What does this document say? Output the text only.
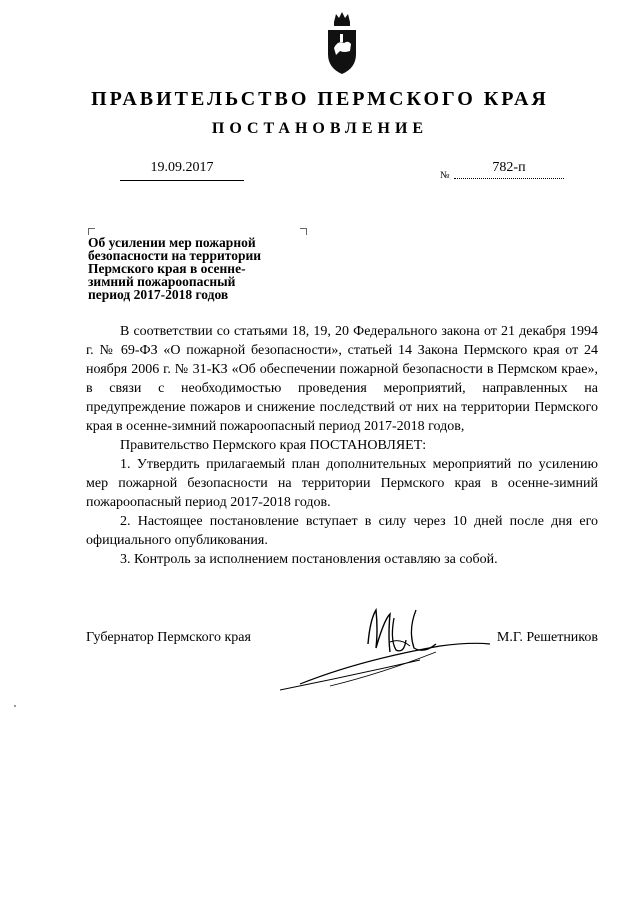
ПРАВИТЕЛЬСТВО ПЕРМСКОГО КРАЯ
ПОСТАНОВЛЕНИЕ
19.09.2017
№
782-п
Об усилении мер пожарной
безопасности на территории
Пермского края в осенне-
зимний пожароопасный
период 2017-2018 годов

В соответствии со статьями 18, 19, 20 Федерального закона от 21 декабря 1994 г. № 69-ФЗ «О пожарной безопасности», статьей 14 Закона Пермского края от 24 ноября 2006 г. № 31-КЗ «Об обеспечении пожарной безопасности в Пермском крае», в связи с необходимостью проведения мероприятий, направленных на предупреждение пожаров и снижение последствий от них на территории Пермского края в осенне-зимний пожароопасный период 2017-2018 годов,

Правительство Пермского края ПОСТАНОВЛЯЕТ:

1. Утвердить прилагаемый план дополнительных мероприятий по усилению мер пожарной безопасности на территории Пермского края в осенне-зимний пожароопасный период 2017-2018 годов.

2. Настоящее постановление вступает в силу через 10 дней после дня его официального опубликования.

3. Контроль за исполнением постановления оставляю за собой.

Губернатор Пермского края	М.Г. Решетников
